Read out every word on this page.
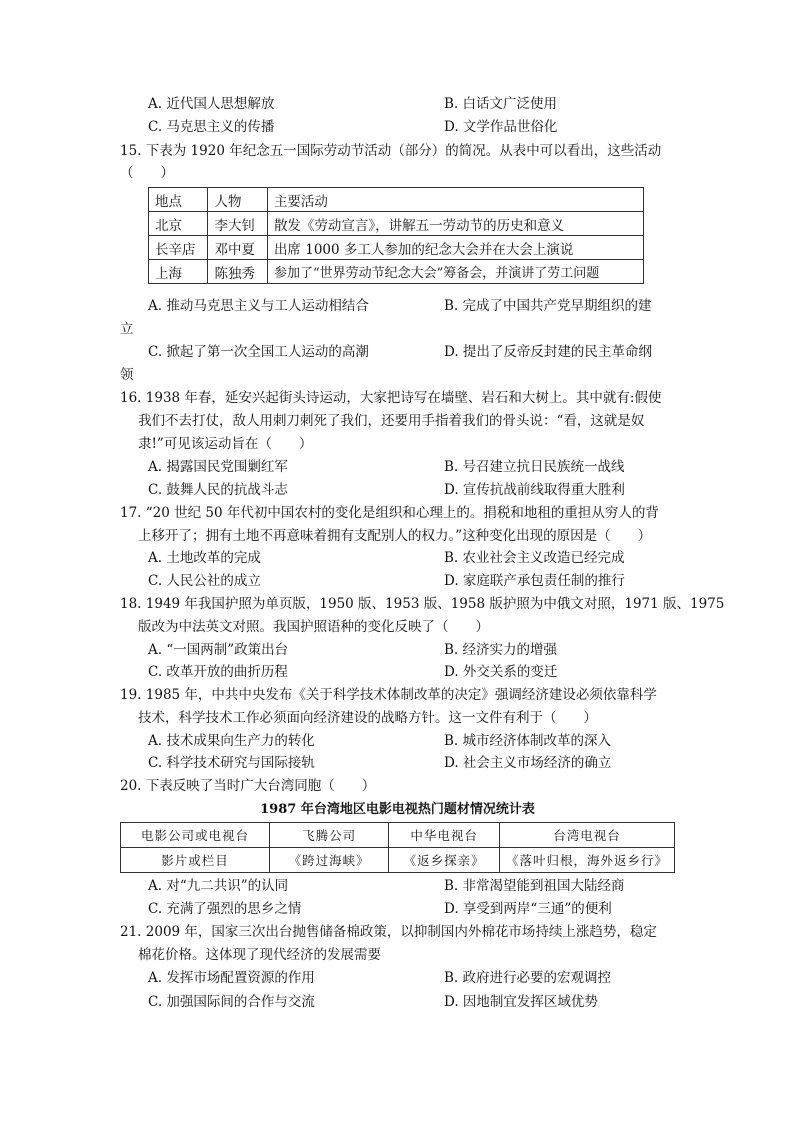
A. 近代国人思想解放	B. 白话文广泛使用
C. 马克思主义的传播	D. 文学作品世俗化
15. 下表为 1920 年纪念五一国际劳动节活动（部分）的简况。从表中可以看出，这些活动
（　　）
地点	人物	主要活动
北京	李大钊	散发《劳动宣言》，讲解五一劳动节的历史和意义
长辛店	邓中夏	出席 1000 多工人参加的纪念大会并在大会上演说
上海	陈独秀	参加了“世界劳动节纪念大会”筹备会，并演讲了劳工问题
A. 推动马克思主义与工人运动相结合	B. 完成了中国共产党早期组织的建
立
C. 掀起了第一次全国工人运动的高潮	D. 提出了反帝反封建的民主革命纲
领
16. 1938 年春，延安兴起街头诗运动，大家把诗写在墙壁、岩石和大树上。其中就有:假使
我们不去打仗，敌人用刺刀刺死了我们，还要用手指着我们的骨头说：“看，这就是奴
隶!”可见该运动旨在（　　）
A. 揭露国民党围剿红军	B. 号召建立抗日民族统一战线
C. 鼓舞人民的抗战斗志	D. 宣传抗战前线取得重大胜利
17. “20 世纪 50 年代初中国农村的变化是组织和心理上的。捐税和地租的重担从穷人的背
上移开了；拥有土地不再意味着拥有支配别人的权力。”这种变化出现的原因是（　　）
A. 土地改革的完成	B. 农业社会主义改造已经完成
C. 人民公社的成立	D. 家庭联产承包责任制的推行
18. 1949 年我国护照为单页版，1950 版、1953 版、1958 版护照为中俄文对照，1971 版、1975
版改为中法英文对照。我国护照语种的变化反映了（　　）
A. “一国两制”政策出台	B. 经济实力的增强
C. 改革开放的曲折历程	D. 外交关系的变迁
19. 1985 年，中共中央发布《关于科学技术体制改革的决定》强调经济建设必须依靠科学
技术，科学技术工作必须面向经济建设的战略方针。这一文件有利于（　　）
A. 技术成果向生产力的转化	B. 城市经济体制改革的深入
C. 科学技术研究与国际接轨	D. 社会主义市场经济的确立
20. 下表反映了当时广大台湾同胞（　　）
1987 年台湾地区电影电视热门题材情况统计表
电影公司或电视台	飞腾公司	中华电视台	台湾电视台
影片或栏目	《跨过海峡》	《返乡探亲》	《落叶归根，海外返乡行》
A. 对“九二共识”的认同	B. 非常渴望能到祖国大陆经商
C. 充满了强烈的思乡之情	D. 享受到两岸“三通”的便利
21. 2009 年，国家三次出台抛售储备棉政策，以抑制国内外棉花市场持续上涨趋势，稳定
棉花价格。这体现了现代经济的发展需要
A. 发挥市场配置资源的作用	B. 政府进行必要的宏观调控
C. 加强国际间的合作与交流	D. 因地制宜发挥区域优势
